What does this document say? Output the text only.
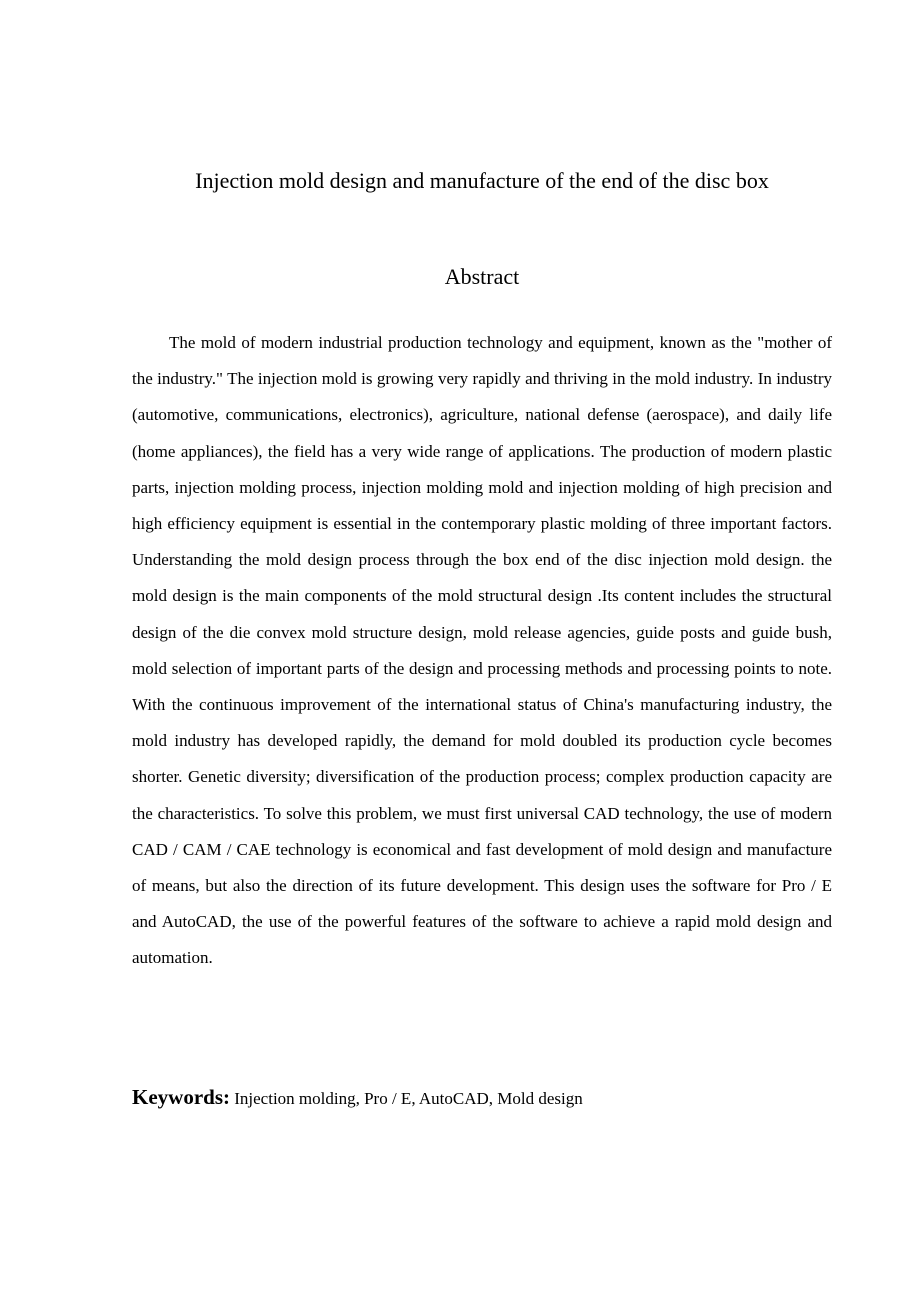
Injection mold design and manufacture of the end of the disc box
Abstract

The mold of modern industrial production technology and equipment, known as the "mother of the industry." The injection mold is growing very rapidly and thriving in the mold industry. In industry (automotive, communications, electronics), agriculture, national defense (aerospace), and daily life (home appliances), the field has a very wide range of applications. The production of modern plastic parts, injection molding process, injection molding mold and injection molding of high precision and high efficiency equipment is essential in the contemporary plastic molding of three important factors. Understanding the mold design process through the box end of the disc injection mold design. the mold design is the main components of the mold structural design .Its content includes the structural design of the die convex mold structure design, mold release agencies, guide posts and guide bush, mold selection of important parts of the design and processing methods and processing points to note. With the continuous improvement of the international status of China's manufacturing industry, the mold industry has developed rapidly, the demand for mold doubled its production cycle becomes shorter. Genetic diversity; diversification of the production process; complex production capacity are the characteristics. To solve this problem, we must first universal CAD technology, the use of modern CAD / CAM / CAE technology is economical and fast development of mold design and manufacture of means, but also the direction of its future development. This design uses the software for Pro / E and AutoCAD, the use of the powerful features of the software to achieve a rapid mold design and automation.

Keywords: Injection molding, Pro / E, AutoCAD, Mold design
